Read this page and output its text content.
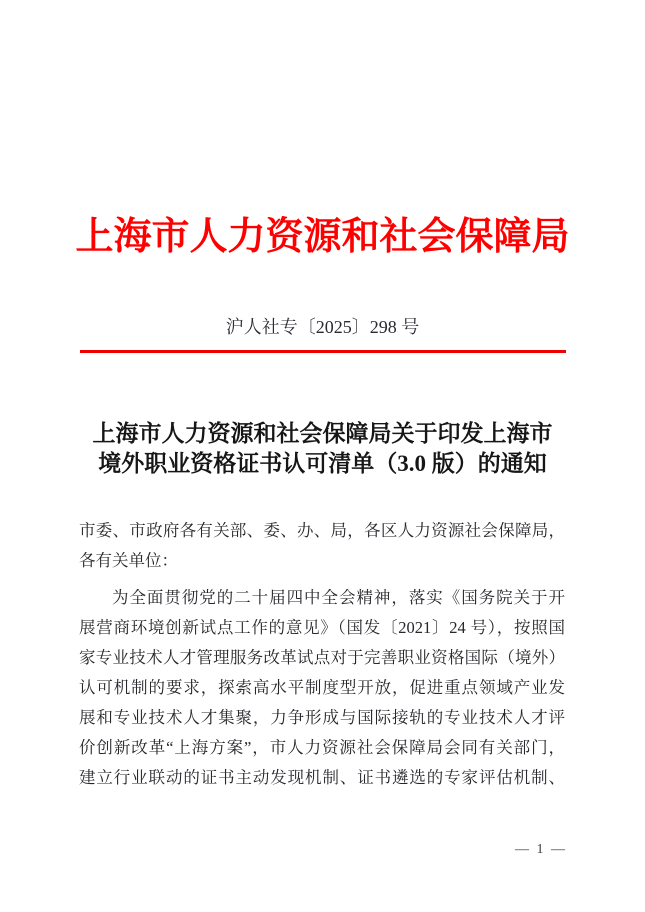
上海市人力资源和社会保障局
沪人社专〔2025〕298 号
上海市人力资源和社会保障局关于印发上海市
境外职业资格证书认可清单（3.0 版）的通知
市委、市政府各有关部、委、办、局，各区人力资源社会保障局，
各有关单位：
为全面贯彻党的二十届四中全会精神，落实《国务院关于开
展营商环境创新试点工作的意见》（国发〔2021〕24 号），按照国
家专业技术人才管理服务改革试点对于完善职业资格国际（境外）
认可机制的要求，探索高水平制度型开放，促进重点领域产业发
展和专业技术人才集聚，力争形成与国际接轨的专业技术人才评
价创新改革“上海方案”，市人力资源社会保障局会同有关部门，
建立行业联动的证书主动发现机制、证书遴选的专家评估机制、
— 1 —
